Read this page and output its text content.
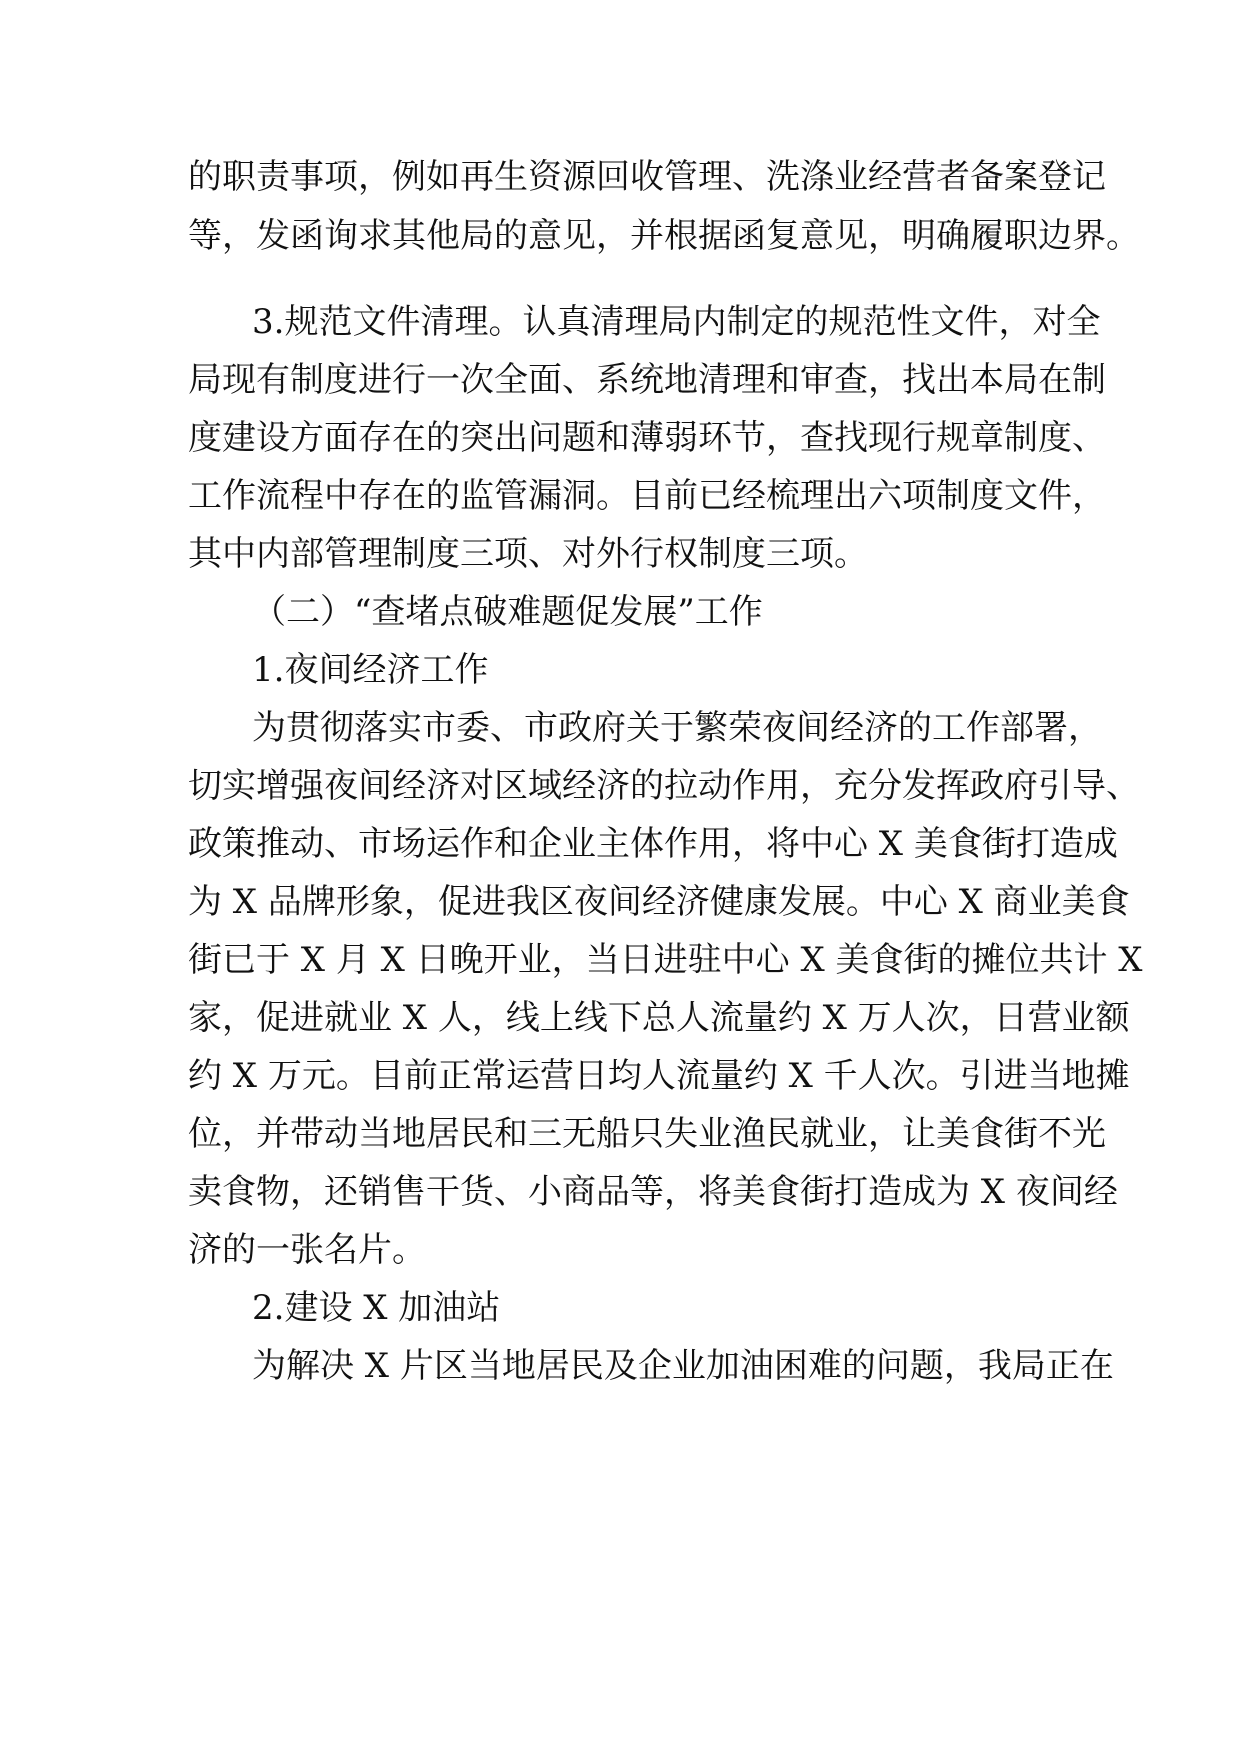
的职责事项，例如再生资源回收管理、洗涤业经营者备案登记
等，发函询求其他局的意见，并根据函复意见，明确履职边界。
3.规范文件清理。认真清理局内制定的规范性文件，对全
局现有制度进行一次全面、系统地清理和审查，找出本局在制
度建设方面存在的突出问题和薄弱环节，查找现行规章制度、
工作流程中存在的监管漏洞。目前已经梳理出六项制度文件，
其中内部管理制度三项、对外行权制度三项。
（二）“查堵点破难题促发展”工作
1.夜间经济工作
为贯彻落实市委、市政府关于繁荣夜间经济的工作部署，
切实增强夜间经济对区域经济的拉动作用，充分发挥政府引导、
政策推动、市场运作和企业主体作用，将中心 X 美食街打造成
为 X 品牌形象，促进我区夜间经济健康发展。中心 X 商业美食
街已于 X 月 X 日晚开业，当日进驻中心 X 美食街的摊位共计 X
家，促进就业 X 人，线上线下总人流量约 X 万人次，日营业额
约 X 万元。目前正常运营日均人流量约 X 千人次。引进当地摊
位，并带动当地居民和三无船只失业渔民就业，让美食街不光
卖食物，还销售干货、小商品等，将美食街打造成为 X 夜间经
济的一张名片。
2.建设 X 加油站
为解决 X 片区当地居民及企业加油困难的问题，我局正在
